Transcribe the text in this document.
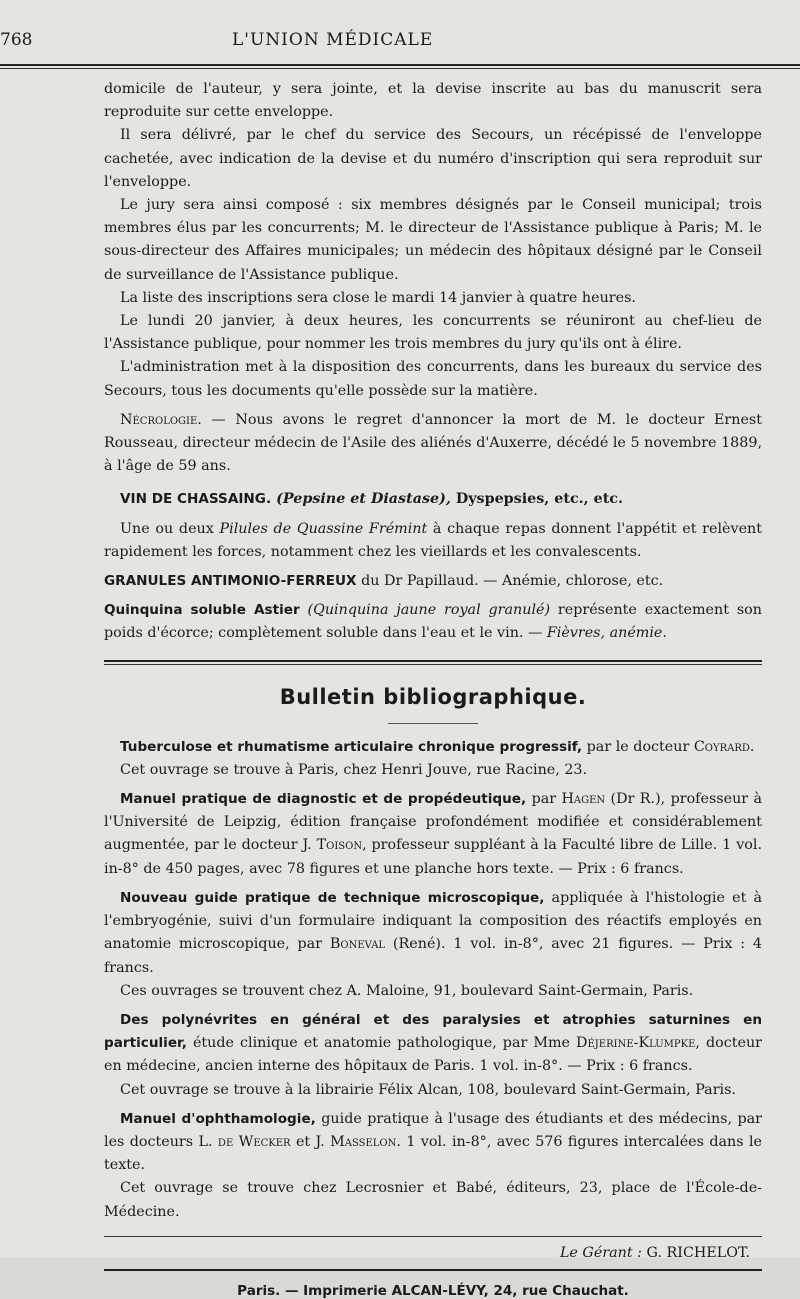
768	L'UNION MÉDICALE

domicile de l'auteur, y sera jointe, et la devise inscrite au bas du manuscrit sera reproduite sur cette enveloppe.

Il sera délivré, par le chef du service des Secours, un récépissé de l'enveloppe cachetée, avec indication de la devise et du numéro d'inscription qui sera reproduit sur l'enveloppe.

Le jury sera ainsi composé : six membres désignés par le Conseil municipal; trois membres élus par les concurrents; M. le directeur de l'Assistance publique à Paris; M. le sous-directeur des Affaires municipales; un médecin des hôpitaux désigné par le Conseil de surveillance de l'Assistance publique.

La liste des inscriptions sera close le mardi 14 janvier à quatre heures.

Le lundi 20 janvier, à deux heures, les concurrents se réuniront au chef-lieu de l'Assistance publique, pour nommer les trois membres du jury qu'ils ont à élire.

L'administration met à la disposition des concurrents, dans les bureaux du service des Secours, tous les documents qu'elle possède sur la matière.

Nécrologie. — Nous avons le regret d'annoncer la mort de M. le docteur Ernest Rousseau, directeur médecin de l'Asile des aliénés d'Auxerre, décédé le 5 novembre 1889, à l'âge de 59 ans.

VIN DE CHASSAING. (Pepsine et Diastase), Dyspepsies, etc., etc.

Une ou deux Pilules de Quassine Frémint à chaque repas donnent l'appétit et relèvent rapidement les forces, notamment chez les vieillards et les convalescents.

GRANULES ANTIMONIO-FERREUX du Dr Papillaud. — Anémie, chlorose, etc.

Quinquina soluble Astier (Quinquina jaune royal granulé) représente exactement son poids d'écorce; complètement soluble dans l'eau et le vin. — Fièvres, anémie.

Bulletin bibliographique.

Tuberculose et rhumatisme articulaire chronique progressif, par le docteur Coyrard.

Cet ouvrage se trouve à Paris, chez Henri Jouve, rue Racine, 23.

Manuel pratique de diagnostic et de propédeutique, par Hagen (Dr R.), professeur à l'Université de Leipzig, édition française profondément modifiée et considérablement augmentée, par le docteur J. Toison, professeur suppléant à la Faculté libre de Lille. 1 vol. in-8° de 450 pages, avec 78 figures et une planche hors texte. — Prix : 6 francs.

Nouveau guide pratique de technique microscopique, appliquée à l'histologie et à l'embryogénie, suivi d'un formulaire indiquant la composition des réactifs employés en anatomie microscopique, par Boneval (René). 1 vol. in-8°, avec 21 figures. — Prix : 4 francs.

Ces ouvrages se trouvent chez A. Maloine, 91, boulevard Saint-Germain, Paris.

Des polynévrites en général et des paralysies et atrophies saturnines en particulier, étude clinique et anatomie pathologique, par Mme Déjerine-Klumpke, docteur en médecine, ancien interne des hôpitaux de Paris. 1 vol. in-8°. — Prix : 6 francs.

Cet ouvrage se trouve à la librairie Félix Alcan, 108, boulevard Saint-Germain, Paris.

Manuel d'ophthamologie, guide pratique à l'usage des étudiants et des médecins, par les docteurs L. de Wecker et J. Masselon. 1 vol. in-8°, avec 576 figures intercalées dans le texte.

Cet ouvrage se trouve chez Lecrosnier et Babé, éditeurs, 23, place de l'École-de-Médecine.

Le Gérant : G. RICHELOT.
Paris. — Imprimerie ALCAN-LÉVY, 24, rue Chauchat.
